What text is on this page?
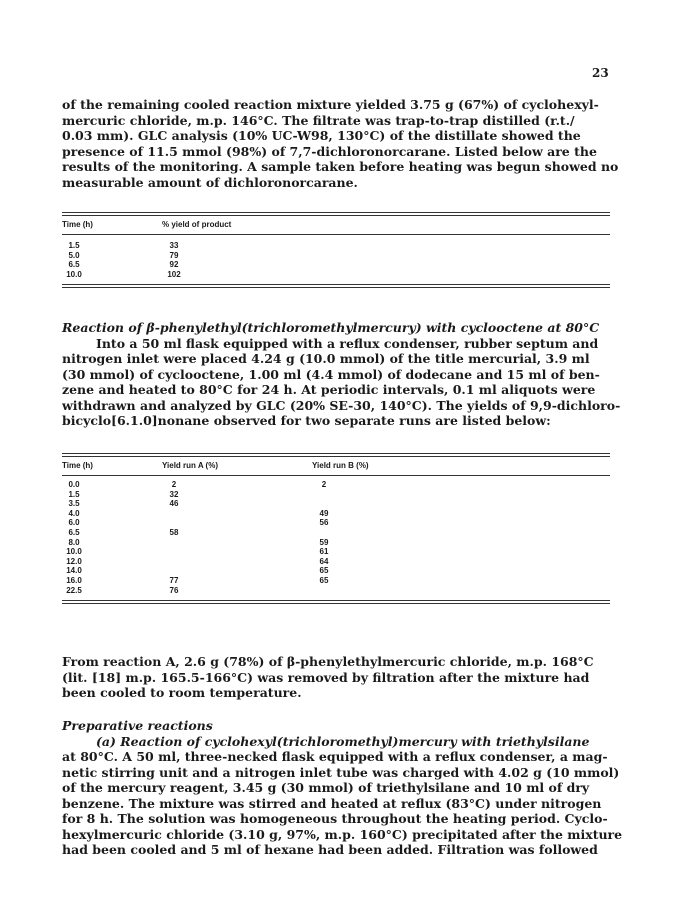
23

of the remaining cooled reaction mixture yielded 3.75 g (67%) of cyclohexyl-

mercuric chloride, m.p. 146°C. The filtrate was trap-to-trap distilled (r.t./

0.03 mm). GLC analysis (10% UC-W98, 130°C) of the distillate showed the

presence of 11.5 mmol (98%) of 7,7-dichloronorcarane. Listed below are the

results of the monitoring. A sample taken before heating was begun showed no

measurable amount of dichloronorcarane.

Time (h)	% yield of product

1.5	33
5.0	79
6.5	92
10.0	102

Reaction of β-phenylethyl(trichloromethylmercury) with cyclooctene at 80°C

Into a 50 ml flask equipped with a reflux condenser, rubber septum and

nitrogen inlet were placed 4.24 g (10.0 mmol) of the title mercurial, 3.9 ml

(30 mmol) of cyclooctene, 1.00 ml (4.4 mmol) of dodecane and 15 ml of ben-

zene and heated to 80°C for 24 h. At periodic intervals, 0.1 ml aliquots were

withdrawn and analyzed by GLC (20% SE-30, 140°C). The yields of 9,9-dichloro-

bicyclo[6.1.0]nonane observed for two separate runs are listed below:

Time (h)	Yield run A (%)	Yield run B (%)

0.0	2	2
1.5	32	
3.5	46	
4.0		49
6.0		56
6.5	58	
8.0		59
10.0		61
12.0		64
14.0		65
16.0	77	65
22.5	76	

From reaction A, 2.6 g (78%) of β-phenylethylmercuric chloride, m.p. 168°C

(lit. [18] m.p. 165.5-166°C) was removed by filtration after the mixture had

been cooled to room temperature.

Preparative reactions

(a) Reaction of cyclohexyl(trichloromethyl)mercury with triethylsilane

at 80°C. A 50 ml, three-necked flask equipped with a reflux condenser, a mag-

netic stirring unit and a nitrogen inlet tube was charged with 4.02 g (10 mmol)

of the mercury reagent, 3.45 g (30 mmol) of triethylsilane and 10 ml of dry

benzene. The mixture was stirred and heated at reflux (83°C) under nitrogen

for 8 h. The solution was homogeneous throughout the heating period. Cyclo-

hexylmercuric chloride (3.10 g, 97%, m.p. 160°C) precipitated after the mixture

had been cooled and 5 ml of hexane had been added. Filtration was followed
